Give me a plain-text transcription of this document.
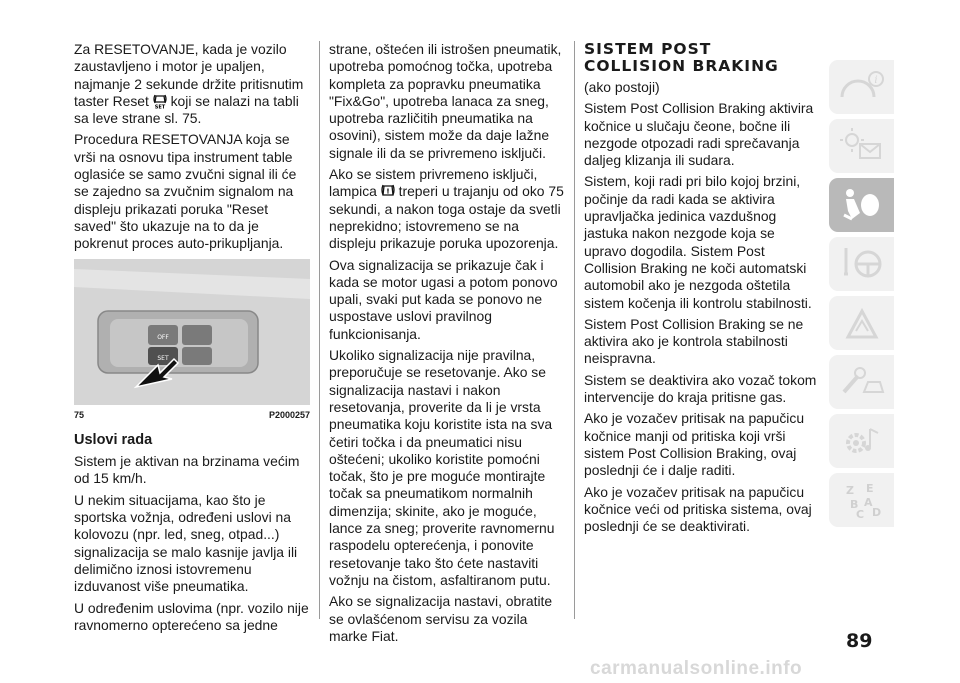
Za RESETOVANJE, kada je vozilo zaustavljeno i motor je upaljen, najmanje 2 sekunde držite pritisnutim taster Reset SET koji se nalazi na tabli sa leve strane sl. 75.

Procedura RESETOVANJA koja se vrši na osnovu tipa instrument table oglasiće se samo zvučni signal ili će se zajedno sa zvučnim signalom na displeju prikazati poruka "Reset saved" što ukazuje na to da je pokrenut proces auto-prikupljanja.

OFF
SET
75	P2000257

Uslovi rada

Sistem je aktivan na brzinama većim od 15 km/h.

U nekim situacijama, kao što je sportska vožnja, određeni uslovi na kolovozu (npr. led, sneg, otpad...) signalizacija se malo kasnije javlja ili delimično iznosi istovremenu izduvanost više pneumatika.

U određenim uslovima (npr. vozilo nije ravnomerno opterećeno sa jedne

strane, oštećen ili istrošen pneumatik, upotreba pomoćnog točka, upotreba kompleta za popravku pneumatika "Fix&Go", upotreba lanaca za sneg, upotreba različitih pneumatika na osovini), sistem može da daje lažne signale ili da se privremeno isključi.

Ako se sistem privremeno isključi, lampica ! treperi u trajanju od oko 75 sekundi, a nakon toga ostaje da svetli neprekidno; istovremeno se na displeju prikazuje poruka upozorenja.

Ova signalizacija se prikazuje čak i kada se motor ugasi a potom ponovo upali, svaki put kada se ponovo ne uspostave uslovi pravilnog funkcionisanja.

Ukoliko signalizacija nije pravilna, preporučuje se resetovanje. Ako se signalizacija nastavi i nakon resetovanja, proverite da li je vrsta pneumatika koju koristite ista na sva četiri točka i da pneumatici nisu oštećeni; ukoliko koristite pomoćni točak, što je pre moguće montirajte točak sa pneumatikom normalnih dimenzija; skinite, ako je moguće, lance za sneg; proverite ravnomernu raspodelu opterećenja, i ponovite resetovanje tako što ćete nastaviti vožnju na čistom, asfaltiranom putu.

Ako se signalizacija nastavi, obratite se ovlašćenom servisu za vozila marke Fiat.

SISTEM POST
COLLISION BRAKING

(ako postoji)

Sistem Post Collision Braking aktivira kočnice u slučaju čeone, bočne ili nezgode otpozadi radi sprečavanja daljeg klizanja ili sudara.

Sistem, koji radi pri bilo kojoj brzini, počinje da radi kada se aktivira upravljačka jedinica vazdušnog jastuka nakon nezgode koja se upravo dogodila. Sistem Post Collision Braking ne koči automatski automobil ako je nezgoda oštetila sistem kočenja ili kontrolu stabilnosti.

Sistem Post Collision Braking se ne aktivira ako je kontrola stabilnosti neispravna.

Sistem se deaktivira ako vozač tokom intervencije do kraja pritisne gas.

Ako je vozačev pritisak na papučicu kočnice manji od pritiska koji vrši sistem Post Collision Braking, ovaj poslednji će i dalje raditi.

Ako je vozačev pritisak na papučicu kočnice veći od pritiska sistema, ovaj poslednji će se deaktivirati.

i
Z E
B A
C D
89
carmanualsonline.info
